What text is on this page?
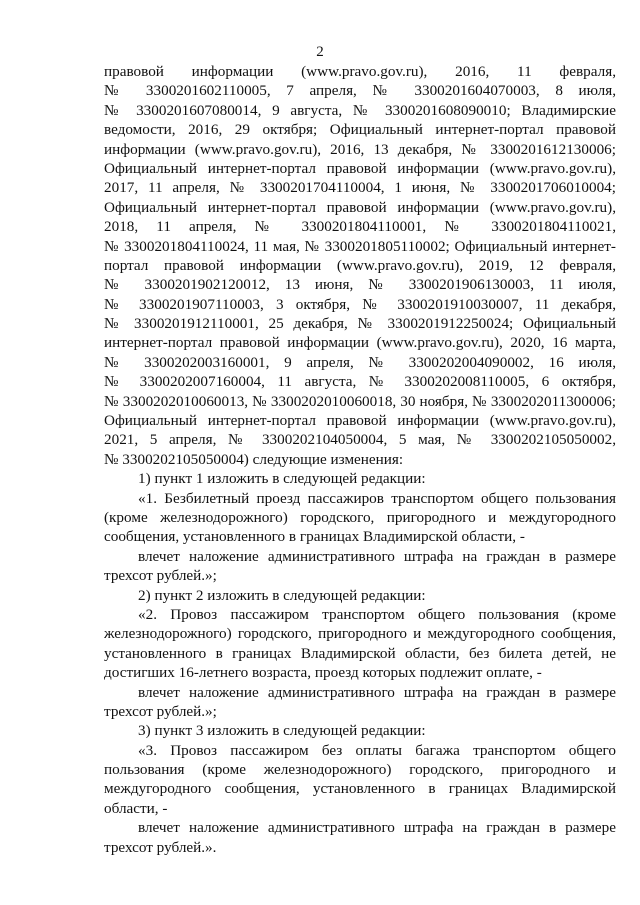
2
правовой информации (www.pravo.gov.ru), 2016, 11 февраля,
№ 3300201602110005, 7 апреля, № 3300201604070003, 8 июля,
№ 3300201607080014, 9 августа, № 3300201608090010; Владимирские
ведомости, 2016, 29 октября; Официальный интернет-портал правовой
информации (www.pravo.gov.ru), 2016, 13 декабря, № 3300201612130006;
Официальный интернет-портал правовой информации (www.pravo.gov.ru),
2017, 11 апреля, № 3300201704110004, 1 июня, № 3300201706010004;
Официальный интернет-портал правовой информации (www.pravo.gov.ru),
2018, 11 апреля, № 3300201804110001, № 3300201804110021,
№ 3300201804110024, 11 мая, № 3300201805110002; Официальный интернет-
портал правовой информации (www.pravo.gov.ru), 2019, 12 февраля,
№ 3300201902120012, 13 июня, № 3300201906130003, 11 июля,
№ 3300201907110003, 3 октября, № 3300201910030007, 11 декабря,
№ 3300201912110001, 25 декабря, № 3300201912250024; Официальный
интернет-портал правовой информации (www.pravo.gov.ru), 2020, 16 марта,
№ 3300202003160001, 9 апреля, № 3300202004090002, 16 июля,
№ 3300202007160004, 11 августа, № 3300202008110005, 6 октября,
№ 3300202010060013, № 3300202010060018, 30 ноября, № 3300202011300006;
Официальный интернет-портал правовой информации (www.pravo.gov.ru),
2021, 5 апреля, № 3300202104050004, 5 мая, № 3300202105050002,
№ 3300202105050004) следующие изменения:
1) пункт 1 изложить в следующей редакции:
«1. Безбилетный проезд пассажиров транспортом общего пользования
(кроме железнодорожного) городского, пригородного и междугородного
сообщения, установленного в границах Владимирской области, -
влечет наложение административного штрафа на граждан в размере
трехсот рублей.»;
2) пункт 2 изложить в следующей редакции:
«2. Провоз пассажиром транспортом общего пользования (кроме
железнодорожного) городского, пригородного и междугородного сообщения,
установленного в границах Владимирской области, без билета детей, не
достигших 16-летнего возраста, проезд которых подлежит оплате, -
влечет наложение административного штрафа на граждан в размере
трехсот рублей.»;
3) пункт 3 изложить в следующей редакции:
«3. Провоз пассажиром без оплаты багажа транспортом общего
пользования (кроме железнодорожного) городского, пригородного и
междугородного сообщения, установленного в границах Владимирской
области, -
влечет наложение административного штрафа на граждан в размере
трехсот рублей.».
